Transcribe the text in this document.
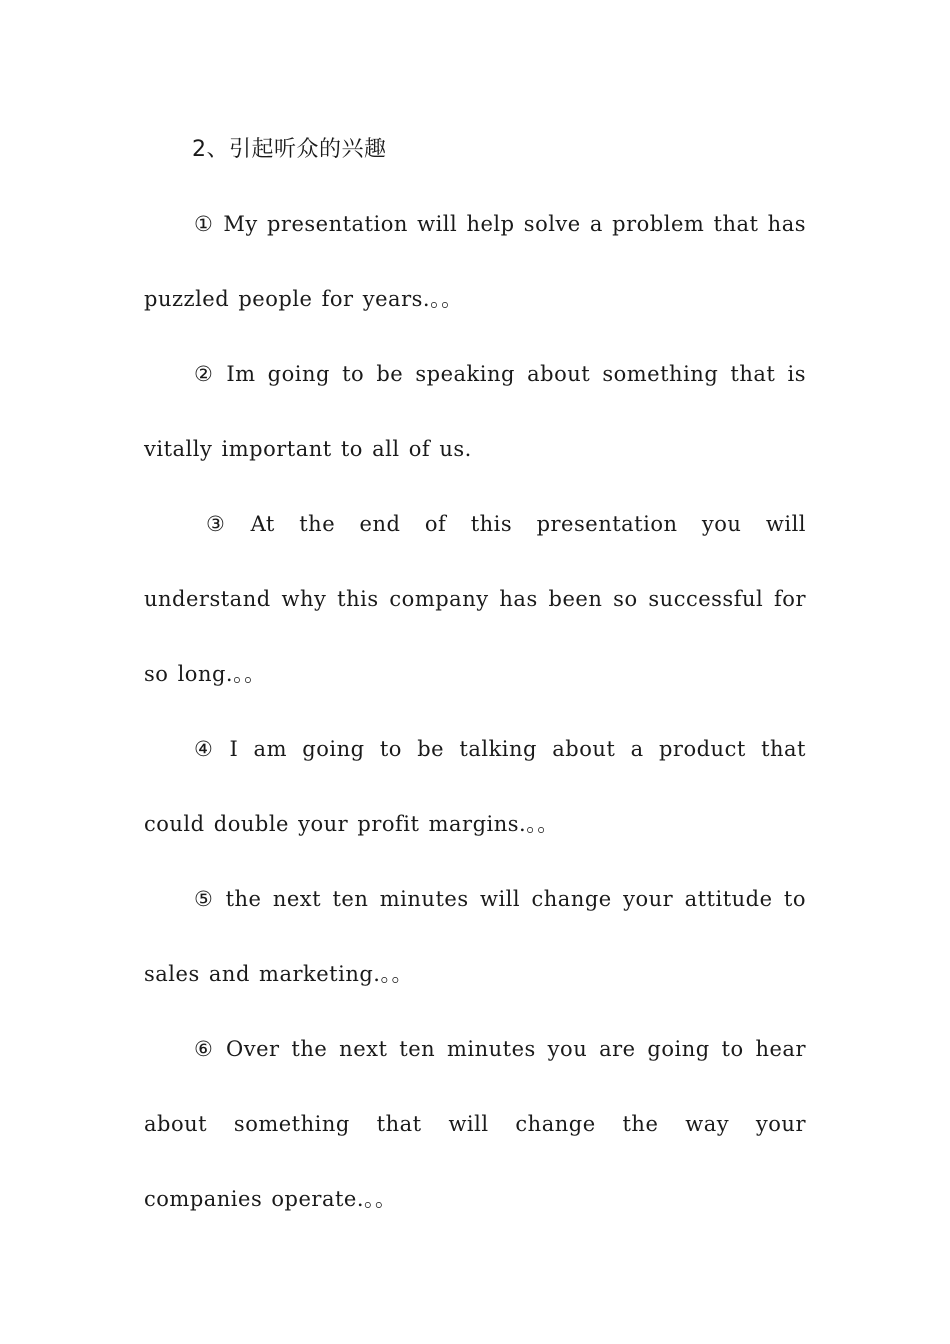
2、引起听众的兴趣

① My presentation will help solve a problem that has puzzled people for years.。。

② Im going to be speaking about something that is vitally important to all of us.

③ At the end of this presentation you will understand why this company has been so successful for so long.。。

④ I am going to be talking about a product that could double your profit margins.。。

⑤ the next ten minutes will change your attitude to sales and marketing.。。

⑥ Over the next ten minutes you are going to hear about something that will change the way your companies operate.。。
